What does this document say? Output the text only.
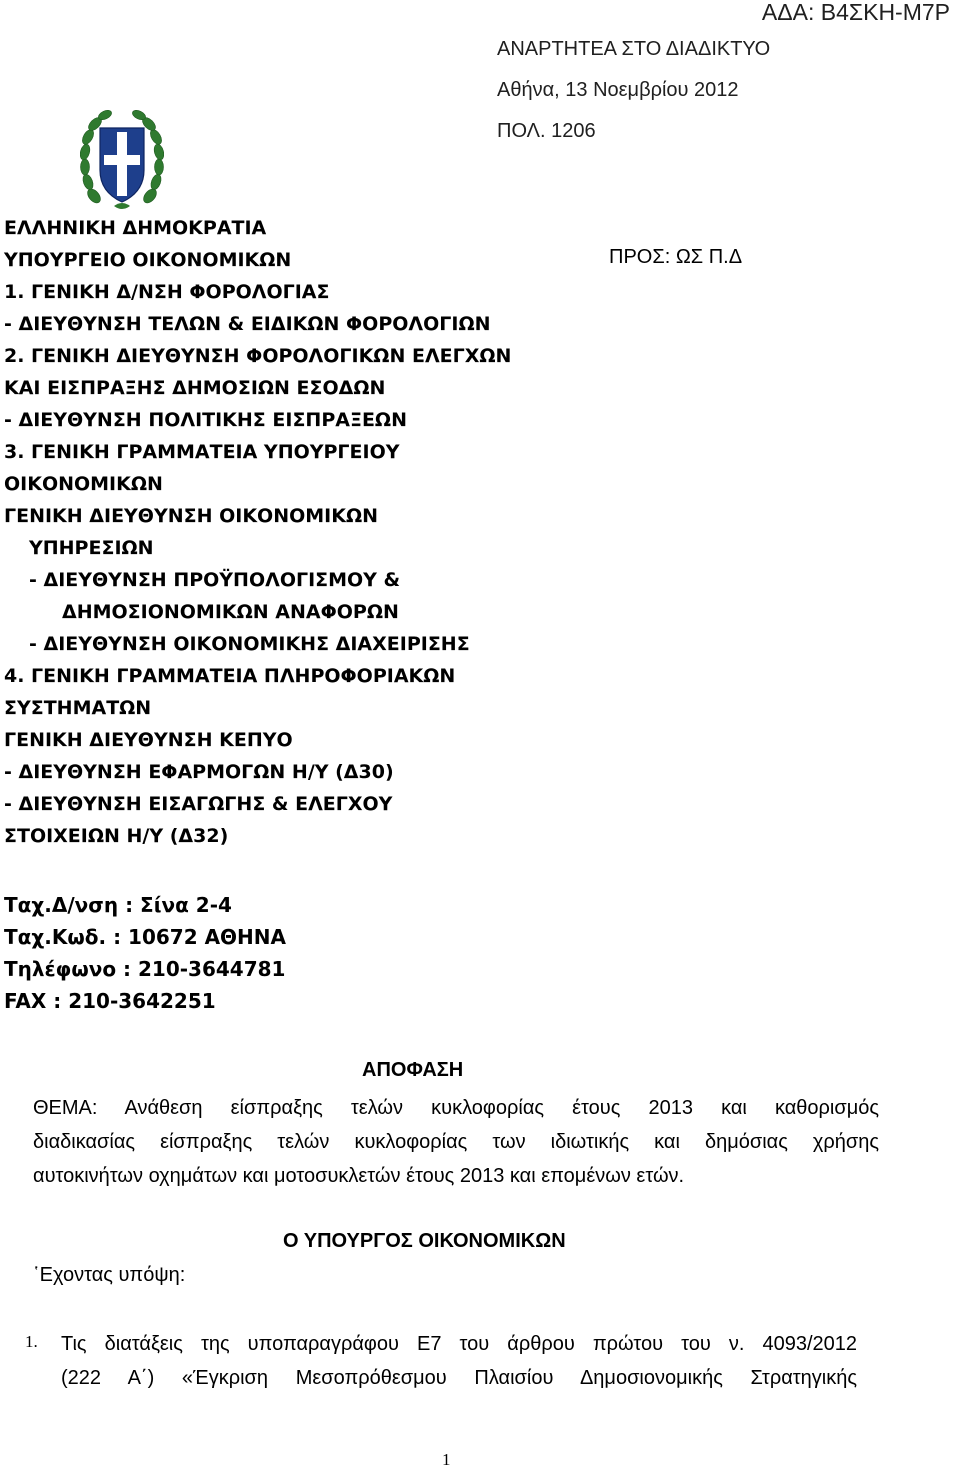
ΑΔΑ: Β4ΣΚΗ-Μ7Ρ
ΑΝΑΡΤΗΤΕΑ ΣΤΟ ΔΙΑΔΙΚΤΥΟ
Αθήνα, 13 Νοεμβρίου 2012
ΠΟΛ. 1206
ΕΛΛΗΝΙΚΗ ΔΗΜΟΚΡΑΤΙΑ
ΥΠΟΥΡΓΕΙΟ ΟΙΚΟΝΟΜΙΚΩΝ
1. ΓΕΝΙΚΗ Δ/ΝΣΗ ΦΟΡΟΛΟΓΙΑΣ
- ΔΙΕΥΘΥΝΣΗ ΤΕΛΩΝ & ΕΙΔΙΚΩΝ ΦΟΡΟΛΟΓΙΩΝ
2. ΓΕΝΙΚΗ ΔΙΕΥΘΥΝΣΗ ΦΟΡΟΛΟΓΙΚΩΝ ΕΛΕΓΧΩΝ
ΚΑΙ ΕΙΣΠΡΑΞΗΣ ΔΗΜΟΣΙΩΝ ΕΣΟΔΩΝ
- ΔΙΕΥΘΥΝΣΗ ΠΟΛΙΤΙΚΗΣ ΕΙΣΠΡΑΞΕΩΝ
3. ΓΕΝΙΚΗ ΓΡΑΜΜΑΤΕΙΑ ΥΠΟΥΡΓΕΙΟΥ
ΟΙΚΟΝΟΜΙΚΩΝ
ΓΕΝΙΚΗ ΔΙΕΥΘΥΝΣΗ ΟΙΚΟΝΟΜΙΚΩΝ
ΥΠΗΡΕΣΙΩΝ
- ΔΙΕΥΘΥΝΣΗ ΠΡΟΫΠΟΛΟΓΙΣΜΟΥ &
ΔΗΜΟΣΙΟΝΟΜΙΚΩΝ ΑΝΑΦΟΡΩΝ
- ΔΙΕΥΘΥΝΣΗ ΟΙΚΟΝΟΜΙΚΗΣ ΔΙΑΧΕΙΡΙΣΗΣ
4. ΓΕΝΙΚΗ ΓΡΑΜΜΑΤΕΙΑ ΠΛΗΡΟΦΟΡΙΑΚΩΝ
ΣΥΣΤΗΜΑΤΩΝ
ΓΕΝΙΚΗ ΔΙΕΥΘΥΝΣΗ ΚΕΠΥΟ
- ΔΙΕΥΘΥΝΣΗ ΕΦΑΡΜΟΓΩΝ Η/Υ (Δ30)
- ΔΙΕΥΘΥΝΣΗ ΕΙΣΑΓΩΓΗΣ & ΕΛΕΓΧΟΥ
ΣΤΟΙΧΕΙΩΝ Η/Υ (Δ32)
ΠΡΟΣ: ΩΣ Π.Δ
Ταχ.Δ/νση : Σίνα 2-4
Ταχ.Κωδ. : 10672 ΑΘΗΝΑ
Τηλέφωνο : 210-3644781
FAX : 210-3642251
ΑΠΟΦΑΣΗ
ΘΕΜΑ: Ανάθεση είσπραξης τελών κυκλοφορίας έτους 2013 και καθορισμός
διαδικασίας είσπραξης τελών κυκλοφορίας των ιδιωτικής και δημόσιας χρήσης
αυτοκινήτων οχημάτων και μοτοσυκλετών έτους 2013 και επομένων ετών.
Ο ΥΠΟΥΡΓΟΣ ΟΙΚΟΝΟΜΙΚΩΝ
῾Εχοντας υπόψη:
1. Τις διατάξεις της υποπαραγράφου Ε7 του άρθρου πρώτου του ν. 4093/2012
(222 Α΄) «Έγκριση Μεσοπρόθεσμου Πλαισίου Δημοσιονομικής Στρατηγικής
1
